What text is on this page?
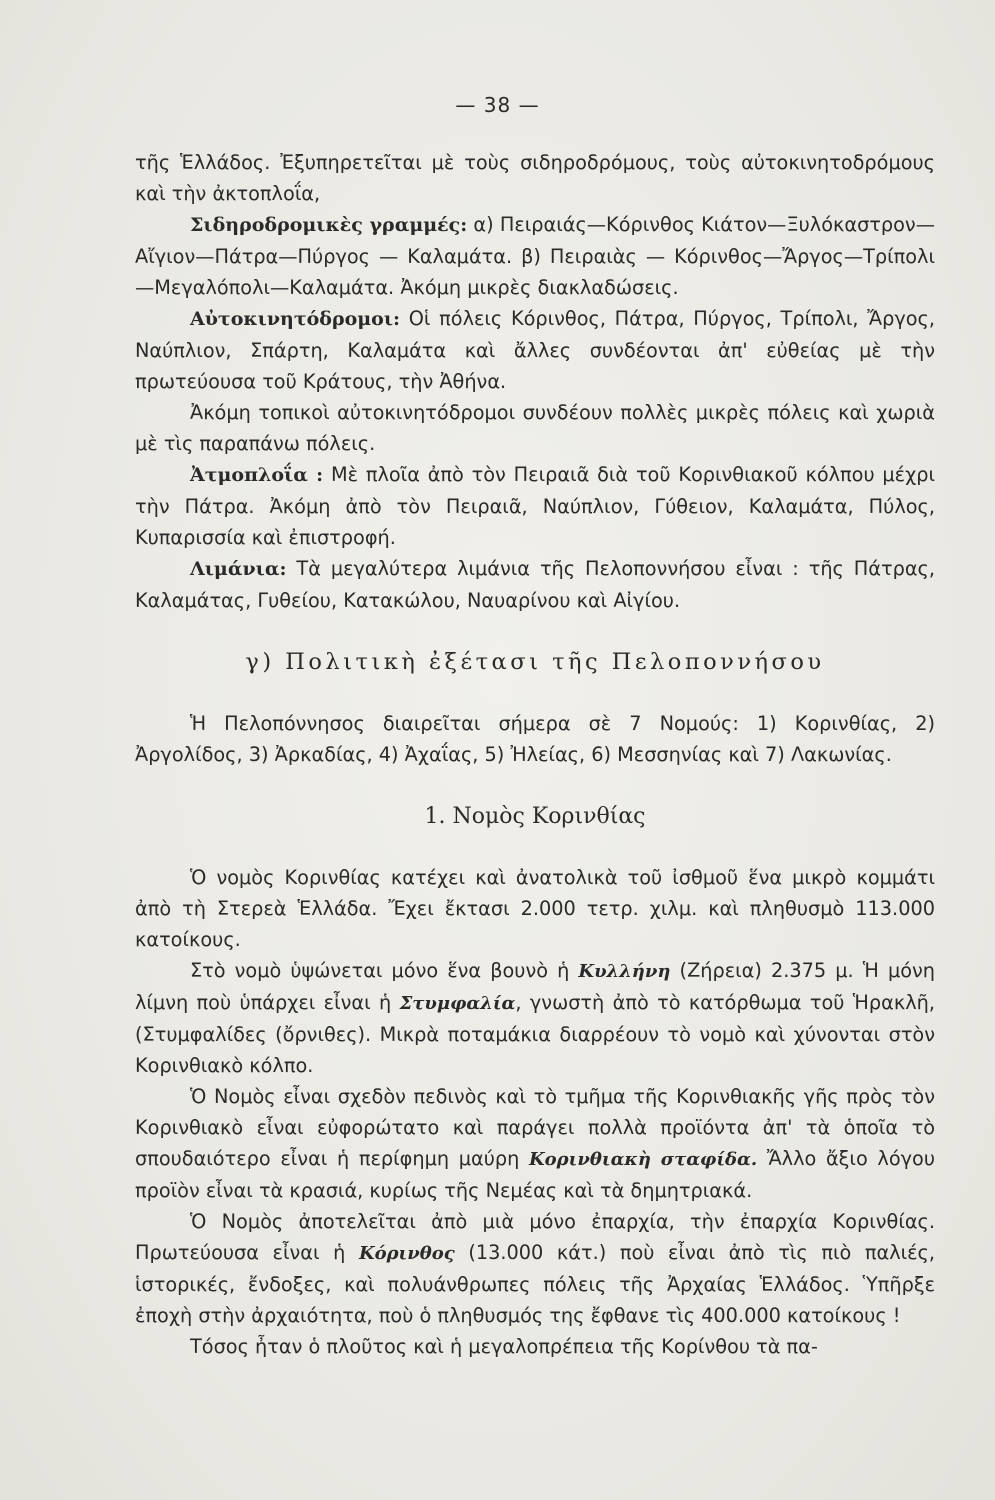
— 38 —

τῆς Ἑλλάδος. Ἐξυπηρετεῖται μὲ τοὺς σιδηροδρόμους, τοὺς αὐτοκινητοδρόμους καὶ τὴν ἀκτοπλοΐα,

Σιδηροδρομικὲς γραμμές: α) Πειραιάς—Κόρινθος Κιάτον—Ξυλόκαστρον—Αἴγιον—Πάτρα—Πύργος — Καλαμάτα. β) Πειραιὰς — Κόρινθος—Ἄργος—Τρίπολι—Μεγαλόπολι—Καλαμάτα. Ἀκόμη μικρὲς διακλαδώσεις.

Αὐτοκινητόδρομοι: Οἱ πόλεις Κόρινθος, Πάτρα, Πύργος, Τρίπολι, Ἄργος, Ναύπλιον, Σπάρτη, Καλαμάτα καὶ ἄλλες συνδέονται ἀπ' εὐθείας μὲ τὴν πρωτεύουσα τοῦ Κράτους, τὴν Ἀθήνα.

Ἀκόμη τοπικοὶ αὐτοκινητόδρομοι συνδέουν πολλὲς μικρὲς πόλεις καὶ χωριὰ μὲ τὶς παραπάνω πόλεις.

Ἀτμοπλοΐα : Μὲ πλοῖα ἀπὸ τὸν Πειραιᾶ διὰ τοῦ Κορινθιακοῦ κόλπου μέχρι τὴν Πάτρα. Ἀκόμη ἀπὸ τὸν Πειραιᾶ, Ναύπλιον, Γύθειον, Καλαμάτα, Πύλος, Κυπαρισσία καὶ ἐπιστροφή.

Λιμάνια: Τὰ μεγαλύτερα λιμάνια τῆς Πελοποννήσου εἶναι : τῆς Πάτρας, Καλαμάτας, Γυθείου, Κατακώλου, Ναυαρίνου καὶ Αἰγίου.

γ) Πολιτικὴ ἐξέτασι τῆς Πελοποννήσου

Ἡ Πελοπόννησος διαιρεῖται σήμερα σὲ 7 Νομούς: 1) Κορινθίας, 2) Ἀργολίδος, 3) Ἀρκαδίας, 4) Ἀχαΐας, 5) Ἠλείας, 6) Μεσσηνίας καὶ 7) Λακωνίας.

1. Νομὸς Κορινθίας

Ὁ νομὸς Κορινθίας κατέχει καὶ ἀνατολικὰ τοῦ ἰσθμοῦ ἕνα μικρὸ κομμάτι ἀπὸ τὴ Στερεὰ Ἑλλάδα. Ἔχει ἔκτασι 2.000 τετρ. χιλμ. καὶ πληθυσμὸ 113.000 κατοίκους.

Στὸ νομὸ ὑψώνεται μόνο ἕνα βουνὸ ἡ Κυλλήνη (Ζήρεια) 2.375 μ. Ἡ μόνη λίμνη ποὺ ὑπάρχει εἶναι ἡ Στυμφαλία, γνωστὴ ἀπὸ τὸ κατόρθωμα τοῦ Ἡρακλῆ, (Στυμφαλίδες (ὄρνιθες). Μικρὰ ποταμάκια διαρρέουν τὸ νομὸ καὶ χύνονται στὸν Κορινθιακὸ κόλπο.

Ὁ Νομὸς εἶναι σχεδὸν πεδινὸς καὶ τὸ τμῆμα τῆς Κορινθιακῆς γῆς πρὸς τὸν Κορινθιακὸ εἶναι εὐφορώτατο καὶ παράγει πολλὰ προϊόντα ἀπ' τὰ ὁποῖα τὸ σπουδαιότερο εἶναι ἡ περίφημη μαύρη Κορινθιακὴ σταφίδα. Ἄλλο ἄξιο λόγου προϊὸν εἶναι τὰ κρασιά, κυρίως τῆς Νεμέας καὶ τὰ δημητριακά.

Ὁ Νομὸς ἀποτελεῖται ἀπὸ μιὰ μόνο ἐπαρχία, τὴν ἐπαρχία Κορινθίας. Πρωτεύουσα εἶναι ἡ Κόρινθος (13.000 κάτ.) ποὺ εἶναι ἀπὸ τὶς πιὸ παλιές, ἱστορικές, ἔνδοξες, καὶ πολυάνθρωπες πόλεις τῆς Ἀρχαίας Ἑλλάδος. Ὑπῆρξε ἐποχὴ στὴν ἀρχαιότητα, ποὺ ὁ πληθυσμός της ἔφθανε τὶς 400.000 κατοίκους !

Τόσος ἦταν ὁ πλοῦτος καὶ ἡ μεγαλοπρέπεια τῆς Κορίνθου τὰ πα-
